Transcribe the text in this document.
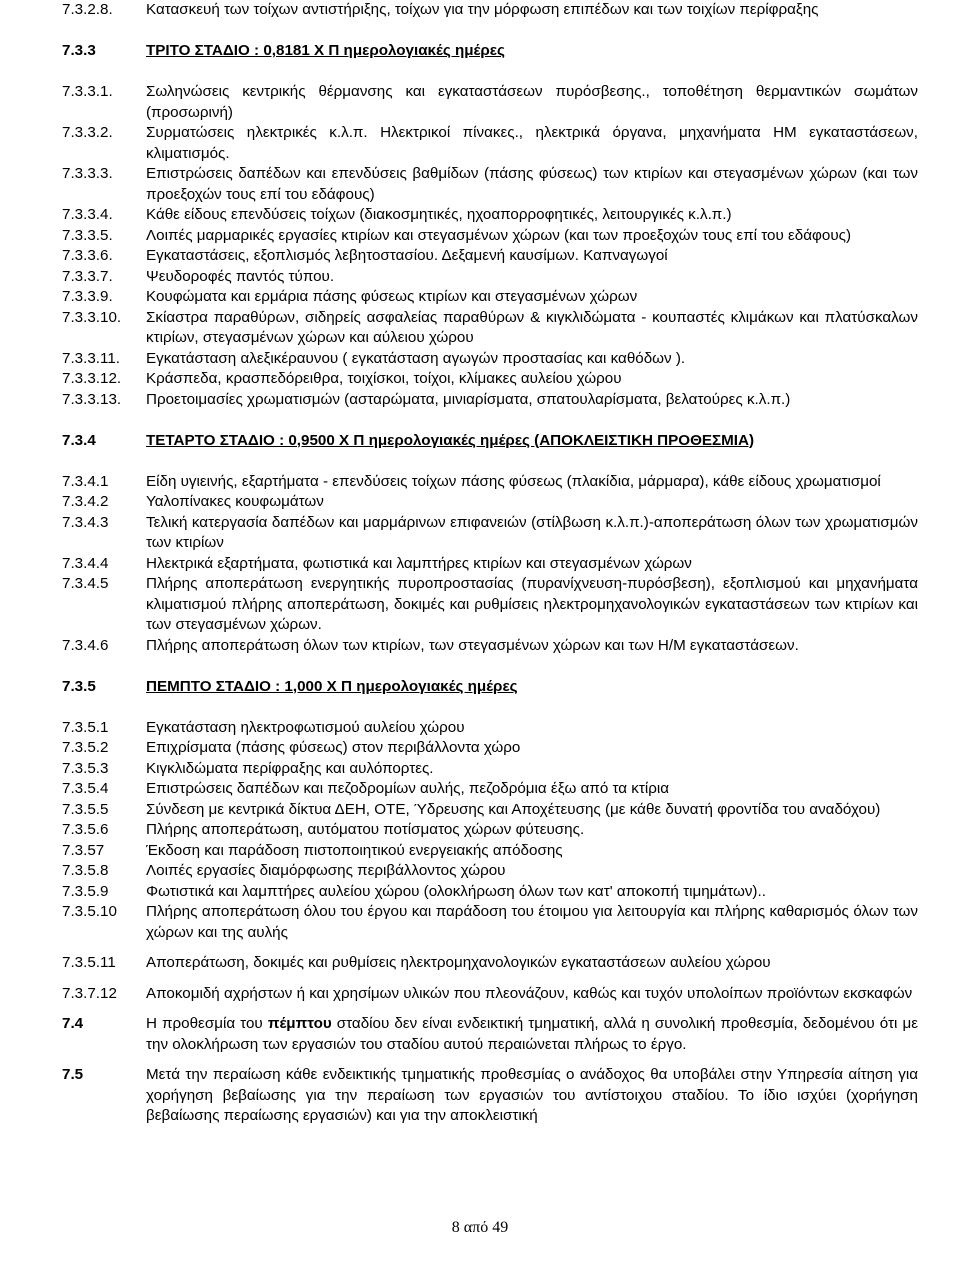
7.3.2.8.	Κατασκευή των τοίχων αντιστήριξης, τοίχων για την μόρφωση επιπέδων και των τοιχίων περίφραξης
7.3.3	ΤΡΙΤΟ ΣΤΑΔΙΟ : 0,8181 Χ Π ημερολογιακές ημέρες
7.3.3.1.	Σωληνώσεις κεντρικής θέρμανσης και εγκαταστάσεων πυρόσβεσης., τοποθέτηση θερμαντικών σωμάτων (προσωρινή)
7.3.3.2.	Συρματώσεις ηλεκτρικές κ.λ.π. Ηλεκτρικοί πίνακες., ηλεκτρικά όργανα, μηχανήματα ΗΜ εγκαταστάσεων, κλιματισμός.
7.3.3.3.	Επιστρώσεις δαπέδων και επενδύσεις βαθμίδων (πάσης φύσεως) των κτιρίων και στεγασμένων χώρων (και των προεξοχών τους επί του εδάφους)
7.3.3.4.	Κάθε είδους επενδύσεις τοίχων (διακοσμητικές, ηχοαπορροφητικές, λειτουργικές κ.λ.π.)
7.3.3.5.	Λοιπές μαρμαρικές εργασίες κτιρίων και στεγασμένων χώρων (και των προεξοχών τους επί του εδάφους)
7.3.3.6.	Εγκαταστάσεις, εξοπλισμός λεβητοστασίου. Δεξαμενή καυσίμων. Καπναγωγοί
7.3.3.7.	Ψευδοροφές παντός τύπου.
7.3.3.9.	Κουφώματα και ερμάρια πάσης φύσεως κτιρίων και στεγασμένων χώρων
7.3.3.10.	Σκίαστρα παραθύρων, σιδηρείς ασφαλείας παραθύρων & κιγκλιδώματα - κουπαστές κλιμάκων και πλατύσκαλων κτιρίων, στεγασμένων χώρων και αύλειου χώρου
7.3.3.11.	Εγκατάσταση αλεξικέραυνου ( εγκατάσταση αγωγών προστασίας και καθόδων ).
7.3.3.12.	Κράσπεδα, κρασπεδόρειθρα, τοιχίσκοι, τοίχοι, κλίμακες αυλείου χώρου
7.3.3.13.	Προετοιμασίες χρωματισμών (ασταρώματα, μινιαρίσματα, σπατουλαρίσματα, βελατούρες κ.λ.π.)
7.3.4	ΤΕΤΑΡΤΟ ΣΤΑΔΙΟ : 0,9500 Χ Π ημερολογιακές ημέρες (ΑΠΟΚΛΕΙΣΤΙΚΗ ΠΡΟΘΕΣΜΙΑ)
7.3.4.1	Είδη υγιεινής, εξαρτήματα - επενδύσεις τοίχων πάσης φύσεως (πλακίδια, μάρμαρα), κάθε είδους χρωματισμοί
7.3.4.2	Υαλοπίνακες κουφωμάτων
7.3.4.3	Τελική κατεργασία δαπέδων και μαρμάρινων επιφανειών (στίλβωση κ.λ.π.)-αποπεράτωση όλων των χρωματισμών των κτιρίων
7.3.4.4	Ηλεκτρικά εξαρτήματα, φωτιστικά και λαμπτήρες κτιρίων και στεγασμένων χώρων
7.3.4.5	Πλήρης αποπεράτωση ενεργητικής πυροπροστασίας (πυρανίχνευση-πυρόσβεση), εξοπλισμού και μηχανήματα κλιματισμού πλήρης αποπεράτωση, δοκιμές και ρυθμίσεις ηλεκτρομηχανολογικών εγκαταστάσεων των κτιρίων και των στεγασμένων χώρων.
7.3.4.6	Πλήρης αποπεράτωση όλων των κτιρίων, των στεγασμένων χώρων και των Η/Μ εγκαταστάσεων.
7.3.5	ΠΕΜΠΤΟ ΣΤΑΔΙΟ : 1,000 Χ Π ημερολογιακές ημέρες
7.3.5.1	Εγκατάσταση ηλεκτροφωτισμού αυλείου χώρου
7.3.5.2	Επιχρίσματα (πάσης φύσεως) στον περιβάλλοντα χώρο
7.3.5.3	Κιγκλιδώματα περίφραξης και αυλόπορτες.
7.3.5.4	Επιστρώσεις δαπέδων και πεζοδρομίων αυλής, πεζοδρόμια έξω από τα κτίρια
7.3.5.5	Σύνδεση με κεντρικά δίκτυα ΔΕΗ, ΟΤΕ, Ύδρευσης και Αποχέτευσης (με κάθε δυνατή φροντίδα του αναδόχου)
7.3.5.6	Πλήρης αποπεράτωση, αυτόματου ποτίσματος χώρων φύτευσης.
7.3.57	Έκδοση και παράδοση πιστοποιητικού ενεργειακής απόδοσης
7.3.5.8	Λοιπές εργασίες διαμόρφωσης περιβάλλοντος χώρου
7.3.5.9	Φωτιστικά και λαμπτήρες αυλείου χώρου (ολοκλήρωση όλων των κατ' αποκοπή τιμημάτων)..
7.3.5.10	Πλήρης αποπεράτωση όλου του έργου και παράδοση του έτοιμου για λειτουργία και πλήρης καθαρισμός όλων των χώρων και της αυλής
7.3.5.11	Αποπεράτωση, δοκιμές και ρυθμίσεις ηλεκτρομηχανολογικών εγκαταστάσεων αυλείου χώρου
7.3.7.12	Αποκομιδή αχρήστων ή και χρησίμων υλικών που πλεονάζουν, καθώς και τυχόν υπολοίπων προϊόντων εκσκαφών
7.4	Η προθεσμία του πέμπτου σταδίου δεν είναι ενδεικτική τμηματική, αλλά η συνολική προθεσμία, δεδομένου ότι με την ολοκλήρωση των εργασιών του σταδίου αυτού περαιώνεται πλήρως το έργο.
7.5	Μετά την περαίωση κάθε ενδεικτικής τμηματικής προθεσμίας ο ανάδοχος θα υποβάλει στην Υπηρεσία αίτηση για χορήγηση βεβαίωσης για την περαίωση των εργασιών του αντίστοιχου σταδίου. Το ίδιο ισχύει (χορήγηση βεβαίωσης περαίωσης εργασιών) και για την αποκλειστική
8 από 49
